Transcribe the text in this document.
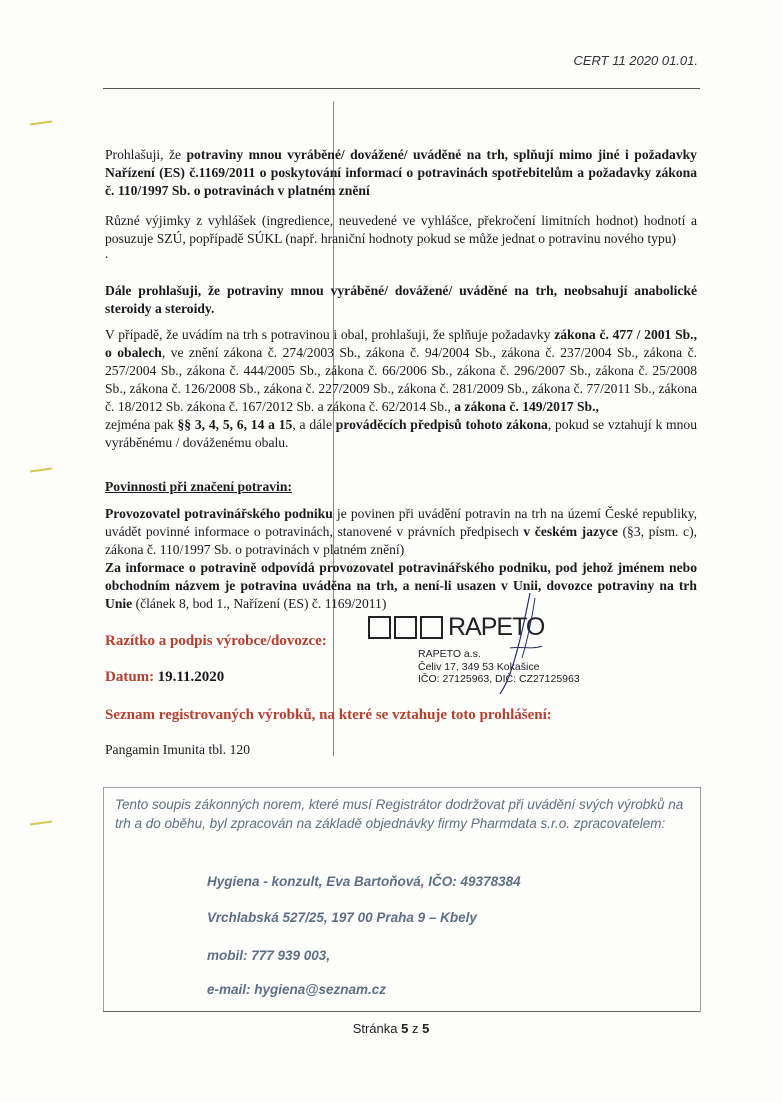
CERT 11 2020 01.01.

Prohlašuji, že potraviny mnou vyráběné/ dovážené/ uváděné na trh, splňují mimo jiné i požadavky Nařízení (ES) č.1169/2011 o poskytování informací o potravinách spotřebitelům a požadavky zákona č. 110/1997 Sb. o potravinách v platném znění

Různé výjimky z vyhlášek (ingredience, neuvedené ve vyhlášce, překročení limitních hodnot) hodnotí a posuzuje SZÚ, popřípadě SÚKL (např. hraniční hodnoty pokud se může jednat o potravinu nového typu)

.

Dále prohlašuji, že potraviny mnou vyráběné/ dovážené/ uváděné na trh, neobsahují anabolické steroidy a steroidy.

V případě, že uvádím na trh s potravinou i obal, prohlašuji, že splňuje požadavky zákona č. 477 / 2001 Sb., o obalech, ve znění zákona č. 274/2003 Sb., zákona č. 94/2004 Sb., zákona č. 237/2004 Sb., zákona č. 257/2004 Sb., zákona č. 444/2005 Sb., zákona č. 66/2006 Sb., zákona č. 296/2007 Sb., zákona č. 25/2008 Sb., zákona č. 126/2008 Sb., zákona č. 227/2009 Sb., zákona č. 281/2009 Sb., zákona č. 77/2011 Sb., zákona č. 18/2012 Sb. zákona č. 167/2012 Sb. a zákona č. 62/2014 Sb., a zákona č. 149/2017 Sb.,
zejména pak §§ 3, 4, 5, 6, 14 a 15, a dále prováděcích předpisů tohoto zákona, pokud se vztahují k mnou vyráběnému / dováženému obalu.

Povinnosti při značení potravin:

Provozovatel potravinářského podniku je povinen při uvádění potravin na trh na území České republiky, uvádět povinné informace o potravinách, stanovené v právních předpisech v českém jazyce (§3, písm. c), zákona č. 110/1997 Sb. o potravinách v platném znění)

Za informace o potravině odpovídá provozovatel potravinářského podniku, pod jehož jménem nebo obchodním názvem je potravina uváděna na trh, a není-li usazen v Unii, dovozce potraviny na trh Unie (článek 8, bod 1., Nařízení (ES) č. 1169/2011)

Razítko a podpis výrobce/dovozce:
Datum: 19.11.2020
RAPETO
RAPETO a.s.
Čeliv 17, 349 53 Kokašice
IČO: 27125963, DIČ: CZ27125963
Seznam registrovaných výrobků, na které se vztahuje toto prohlášení:
Pangamin Imunita tbl. 120
Tento soupis zákonných norem, které musí Registrátor dodržovat při uvádění svých výrobků na trh a do oběhu, byl zpracován na základě objednávky firmy Pharmdata s.r.o. zpracovatelem:
Hygiena - konzult, Eva Bartoňová, IČO: 49378384
Vrchlabská 527/25, 197 00 Praha 9 – Kbely
mobil: 777 939 003,
e-mail: hygiena@seznam.cz
Stránka 5 z 5
